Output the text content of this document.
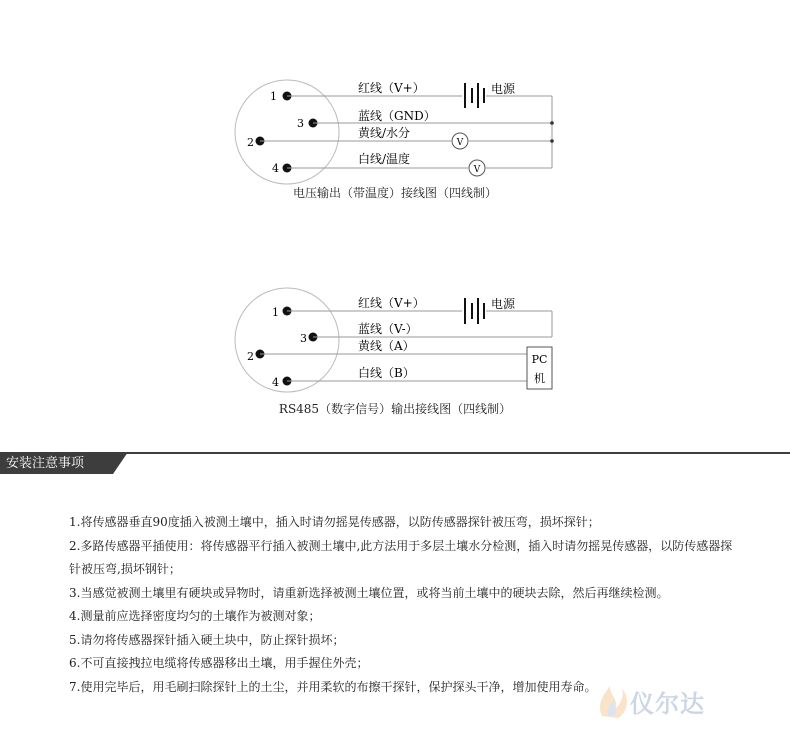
1
3
2
4
电源
V
V
红线（V+）
蓝线（GND）
黄线/水分
白线/温度
电压输出（带温度）接线图（四线制）
1
3
2
4
电源
PC
机
红线（V+）
蓝线（V-）
黄线（A）
白线（B）
RS485（数字信号）输出接线图（四线制）
安装注意事项

1.将传感器垂直90度插入被测土壤中，插入时请勿摇晃传感器，以防传感器探针被压弯，损坏探针；

2.多路传感器平插使用：将传感器平行插入被测土壤中,此方法用于多层土壤水分检测，插入时请勿摇晃传感器，以防传感器探针被压弯,损坏钢针；

3.当感觉被测土壤里有硬块或异物时，请重新选择被测土壤位置，或将当前土壤中的硬块去除，然后再继续检测。

4.测量前应选择密度均匀的土壤作为被测对象；

5.请勿将传感器探针插入硬土块中，防止探针损坏；

6.不可直接拽拉电缆将传感器移出土壤，用手握住外壳；

7.使用完毕后，用毛刷扫除探针上的土尘，并用柔软的布擦干探针，保护探头干净，增加使用寿命。

仪尔达
